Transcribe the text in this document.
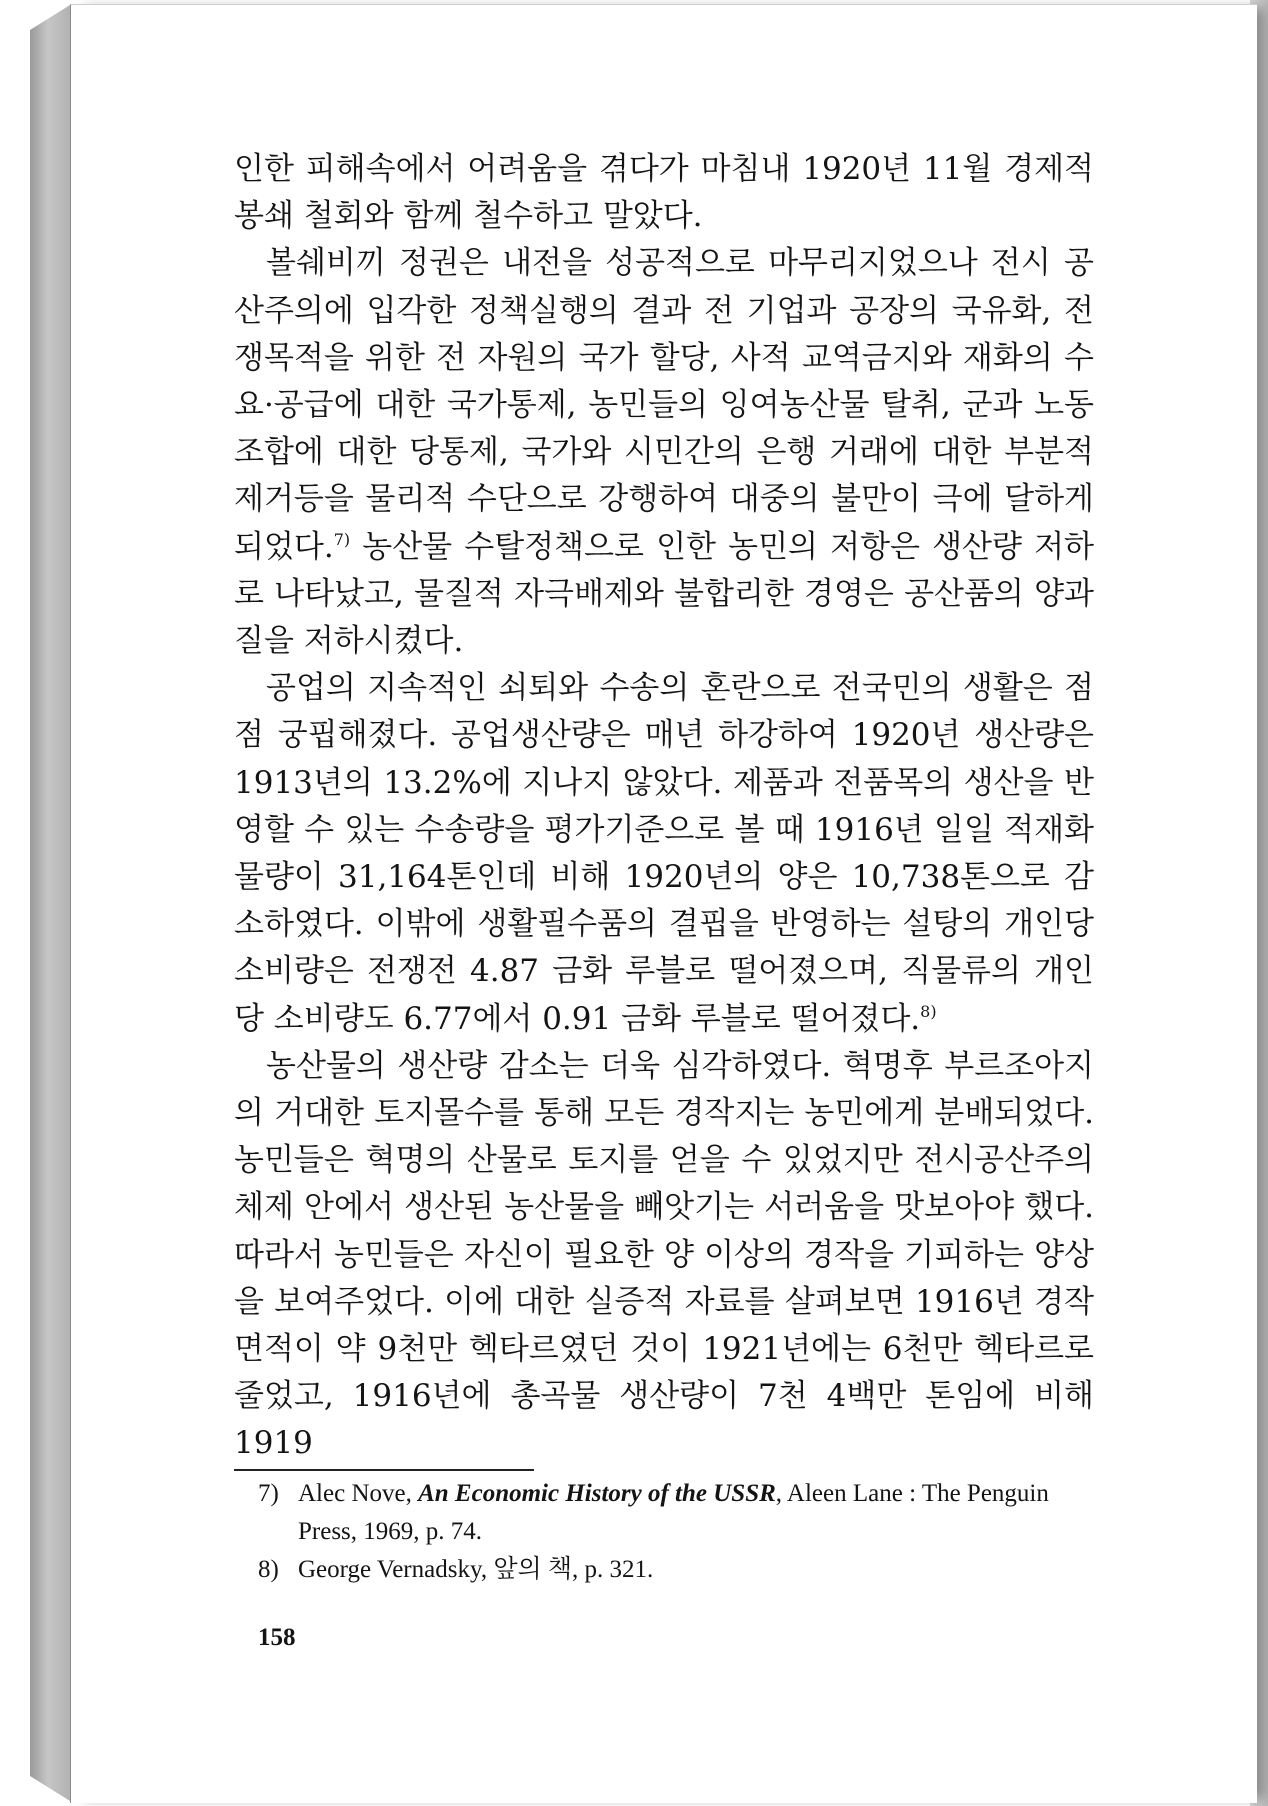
인한 피해속에서 어려움을 겪다가 마침내 1920년 11월 경제적

봉쇄 철회와 함께 철수하고 말았다.

볼쉐비끼 정권은 내전을 성공적으로 마무리지었으나 전시 공산주의에 입각한 정책실행의 결과 전 기업과 공장의 국유화, 전쟁목적을 위한 전 자원의 국가 할당, 사적 교역금지와 재화의 수요·공급에 대한 국가통제, 농민들의 잉여농산물 탈취, 군과 노동조합에 대한 당통제, 국가와 시민간의 은행 거래에 대한 부분적 제거등을 물리적 수단으로 강행하여 대중의 불만이 극에 달하게 되었다.$^{7)}$ 농산물 수탈정책으로 인한 농민의 저항은 생산량 저하로 나타났고, 물질적 자극배제와 불합리한 경영은 공산품의 양과 질을 저하시켰다.

공업의 지속적인 쇠퇴와 수송의 혼란으로 전국민의 생활은 점점 궁핍해졌다. 공업생산량은 매년 하강하여 1920년 생산량은 1913년의 13.2%에 지나지 않았다. 제품과 전품목의 생산을 반영할 수 있는 수송량을 평가기준으로 볼 때 1916년 일일 적재화물량이 31,164톤인데 비해 1920년의 양은 10,738톤으로 감소하였다. 이밖에 생활필수품의 결핍을 반영하는 설탕의 개인당 소비량은 전쟁전 4.87 금화 루블로 떨어졌으며, 직물류의 개인당 소비량도 6.77에서 0.91 금화 루블로 떨어졌다.$^{8)}$

농산물의 생산량 감소는 더욱 심각하였다. 혁명후 부르조아지의 거대한 토지몰수를 통해 모든 경작지는 농민에게 분배되었다. 농민들은 혁명의 산물로 토지를 얻을 수 있었지만 전시공산주의 체제 안에서 생산된 농산물을 빼앗기는 서러움을 맛보아야 했다. 따라서 농민들은 자신이 필요한 양 이상의 경작을 기피하는 양상을 보여주었다. 이에 대한 실증적 자료를 살펴보면 1916년 경작면적이 약 9천만 헥타르였던 것이 1921년에는 6천만 헥타르로 줄었고, 1916년에 총곡물 생산량이 7천 4백만 톤임에 비해 1919

7) Alec Nove, An Economic History of the USSR, Aleen Lane : The Penguin Press, 1969, p. 74.
8) George Vernadsky, 앞의 책, p. 321.
158
